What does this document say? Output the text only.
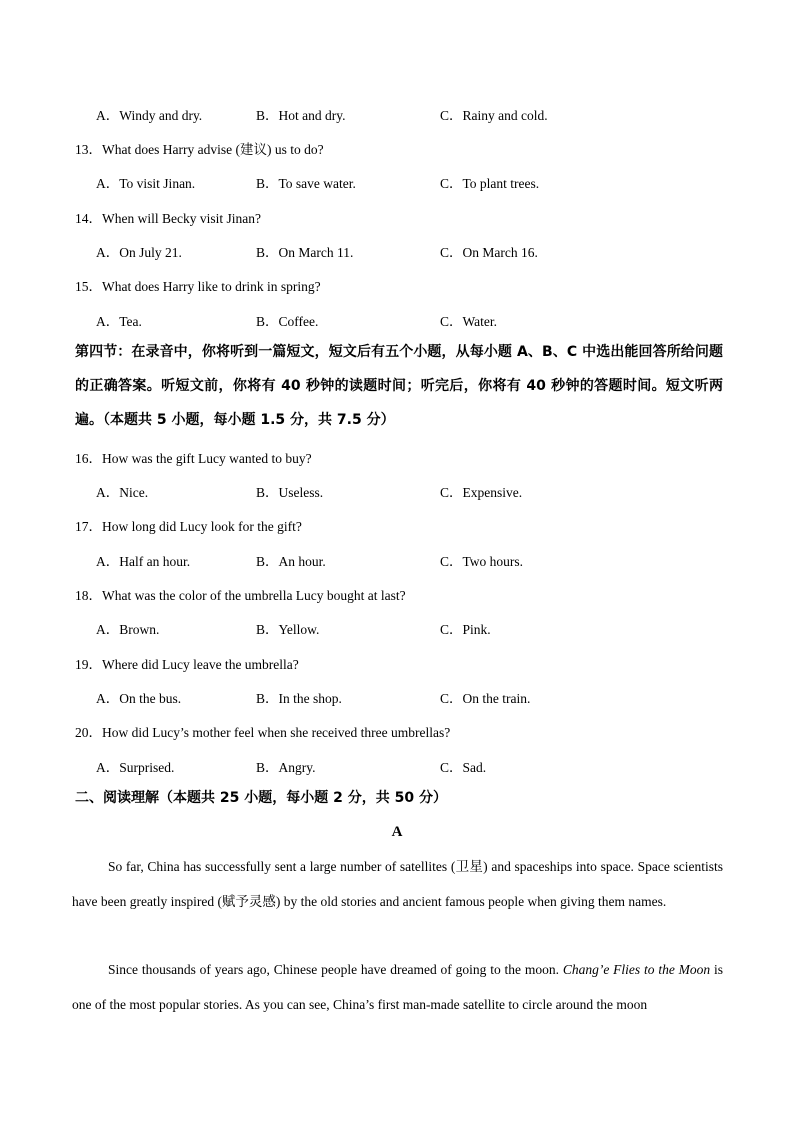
A．Windy and dry.	B．Hot and dry.	C．Rainy and cold.
13．What does Harry advise (建议) us to do?
A．To visit Jinan.	B．To save water.	C．To plant trees.
14．When will Becky visit Jinan?
A．On July 21.	B．On March 11.	C．On March 16.
15．What does Harry like to drink in spring?
A．Tea.	B．Coffee.	C．Water.
第四节：在录音中，你将听到一篇短文，短文后有五个小题，从每小题 A、B、C 中选出能回答所给问题的正确答案。听短文前，你将有 40 秒钟的读题时间；听完后，你将有 40 秒钟的答题时间。短文听两遍。（本题共 5 小题，每小题 1.5 分，共 7.5 分）
16．How was the gift Lucy wanted to buy?
A．Nice.	B．Useless.	C．Expensive.
17．How long did Lucy look for the gift?
A．Half an hour.	B．An hour.	C．Two hours.
18．What was the color of the umbrella Lucy bought at last?
A．Brown.	B．Yellow.	C．Pink.
19．Where did Lucy leave the umbrella?
A．On the bus.	B．In the shop.	C．On the train.
20．How did Lucy’s mother feel when she received three umbrellas?
A．Surprised.	B．Angry.	C．Sad.
二、阅读理解（本题共 25 小题，每小题 2 分，共 50 分）
A

So far, China has successfully sent a large number of satellites (卫星) and spaceships into space. Space scientists have been greatly inspired (赋予灵感) by the old stories and ancient famous people when giving them names.

Since thousands of years ago, Chinese people have dreamed of going to the moon. Chang’e Flies to the Moon is one of the most popular stories. As you can see, China’s first man-made satellite to circle around the moon
